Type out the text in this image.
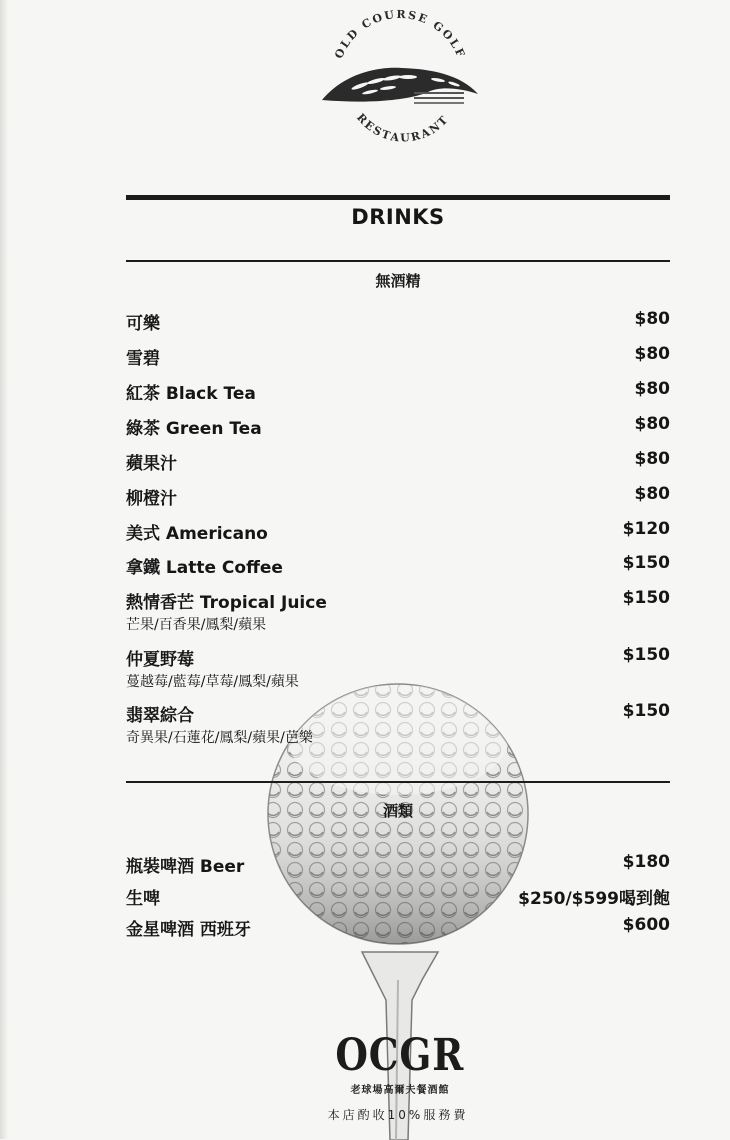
OLD COURSE GOLF
RESTAURANT
DRINKS
無酒精
可樂	$80
雪碧	$80
紅茶 Black Tea	$80
綠茶 Green Tea	$80
蘋果汁	$80
柳橙汁	$80
美式 Americano	$120
拿鐵 Latte Coffee	$150
熱情香芒 Tropical Juice	$150
芒果/百香果/鳳梨/蘋果
仲夏野莓	$150
蔓越莓/藍莓/草莓/鳳梨/蘋果
翡翠綜合	$150
奇異果/石蓮花/鳳梨/蘋果/芭樂
酒類
瓶裝啤酒 Beer	$180
生啤	$250/$599喝到飽
金星啤酒 西班牙	$600
OCGR
老球場高爾夫餐酒館
本店酌收10%服務費
